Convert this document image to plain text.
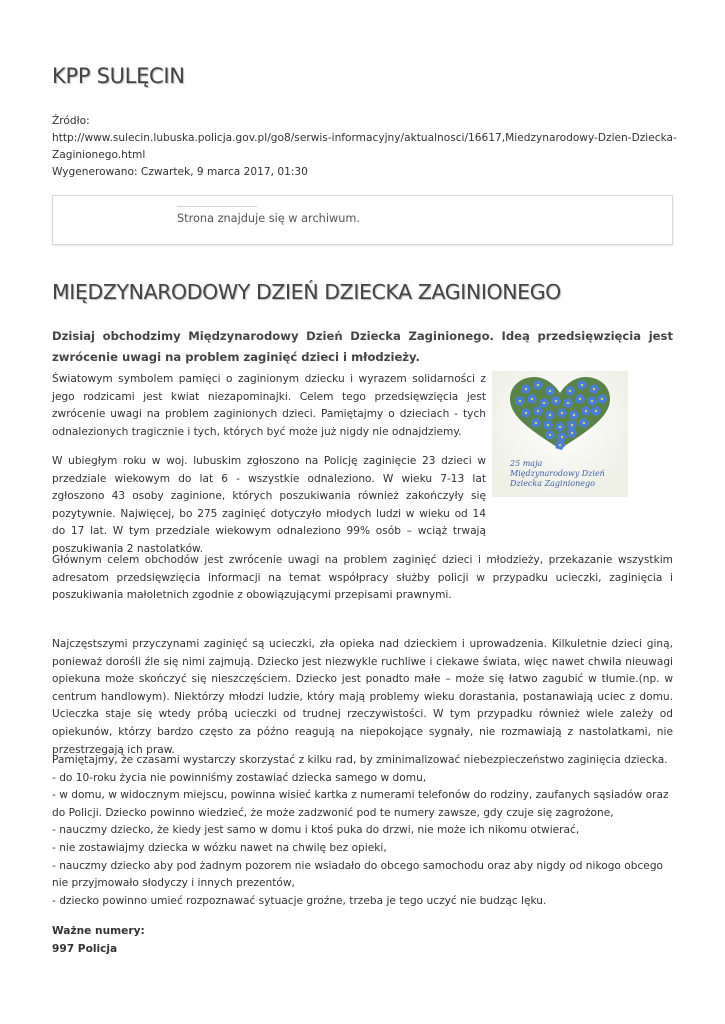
KPP SULĘCIN
Źródło:
http://www.sulecin.lubuska.policja.gov.pl/go8/serwis-informacyjny/aktualnosci/16617,Miedzynarodowy-Dzien-Dziecka-Zaginionego.html
Wygenerowano: Czwartek, 9 marca 2017, 01:30
Strona znajduje się w archiwum.
MIĘDZYNARODOWY DZIEŃ DZIECKA ZAGINIONEGO

Dzisiaj obchodzimy Międzynarodowy Dzień Dziecka Zaginionego. Ideą przedsięwzięcia jest zwrócenie uwagi na problem zaginięć dzieci i młodzieży.

Światowym symbolem pamięci o zaginionym dziecku i wyrazem solidarności z jego rodzicami jest kwiat niezapominajki. Celem tego przedsięwzięcia jest zwrócenie uwagi na problem zaginionych dzieci. Pamiętajmy o dzieciach - tych odnalezionych tragicznie i tych, których być może już nigdy nie odnajdziemy.

W ubiegłym roku w woj. lubuskim zgłoszono na Policję zaginięcie 23 dzieci w przedziale wiekowym do lat 6 - wszystkie odnaleziono. W wieku 7-13 lat zgłoszono 43 osoby zaginione, których poszukiwania również zakończyły się pozytywnie. Najwięcej, bo 275 zaginięć dotyczyło młodych ludzi w wieku od 14 do 17 lat. W tym przedziale wiekowym odnaleziono 99% osób – wciąż trwają poszukiwania 2 nastolatków.

25 maja
Międzynarodowy Dzień
Dziecka Zaginionego

Głównym celem obchodów jest zwrócenie uwagi na problem zaginięć dzieci i młodzieży, przekazanie wszystkim adresatom przedsięwzięcia informacji na temat współpracy służby policji w przypadku ucieczki, zaginięcia i poszukiwania małoletnich zgodnie z obowiązującymi przepisami prawnymi.

Najczęstszymi przyczynami zaginięć są ucieczki, zła opieka nad dzieckiem i uprowadzenia. Kilkuletnie dzieci giną, ponieważ dorośli źle się nimi zajmują. Dziecko jest niezwykle ruchliwe i ciekawe świata, więc nawet chwila nieuwagi opiekuna może skończyć się nieszczęściem. Dziecko jest ponadto małe – może się łatwo zagubić w tłumie.(np. w centrum handlowym). Niektórzy młodzi ludzie, który mają problemy wieku dorastania, postanawiają uciec z domu. Ucieczka staje się wtedy próbą ucieczki od trudnej rzeczywistości. W tym przypadku również wiele zależy od opiekunów, którzy bardzo często za późno reagują na niepokojące sygnały, nie rozmawiają z nastolatkami, nie przestrzegają ich praw.

Pamiętajmy, że czasami wystarczy skorzystać z kilku rad, by zminimalizować niebezpieczeństwo zaginięcia dziecka.
- do 10-roku życia nie powinniśmy zostawiać dziecka samego w domu,
- w domu, w widocznym miejscu, powinna wisieć kartka z numerami telefonów do rodziny, zaufanych sąsiadów oraz do Policji. Dziecko powinno wiedzieć, że może zadzwonić pod te numery zawsze, gdy czuje się zagrożone,
- nauczmy dziecko, że kiedy jest samo w domu i ktoś puka do drzwi, nie może ich nikomu otwierać,
- nie zostawiajmy dziecka w wózku nawet na chwilę bez opieki,
- nauczmy dziecko aby pod żadnym pozorem nie wsiadało do obcego samochodu oraz aby nigdy od nikogo obcego nie przyjmowało słodyczy i innych prezentów,
- dziecko powinno umieć rozpoznawać sytuacje groźne, trzeba je tego uczyć nie budząc lęku.
Ważne numery:
997 Policja
